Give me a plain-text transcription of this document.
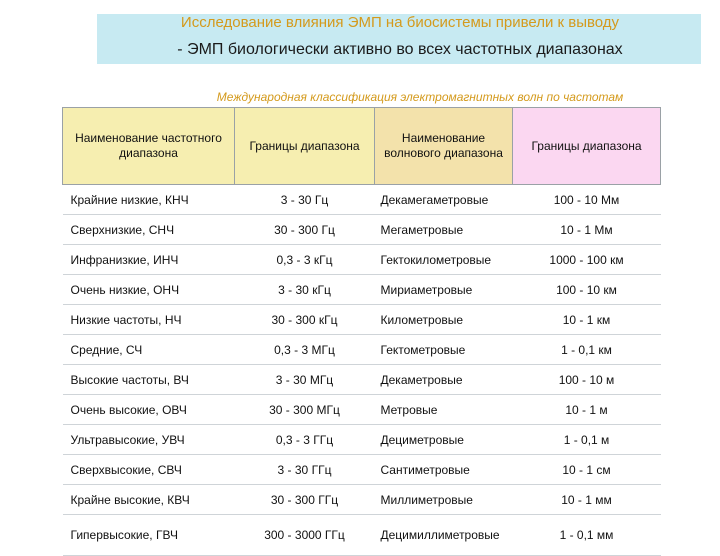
Исследование влияния ЭМП на биосистемы привели к выводу
- ЭМП биологически активно во всех частотных диапазонах
Международная классификация электромагнитных волн по частотам
Наименование частотного диапазона	Границы диапазона	Наименование волнового диапазона	Границы диапазона
Крайние низкие, КНЧ	3 - 30 Гц	Декамегаметровые	100 - 10 Мм
Сверхнизкие, СНЧ	30 - 300 Гц	Мегаметровые	10 - 1 Мм
Инфранизкие, ИНЧ	0,3 - 3 кГц	Гектокилометровые	1000 - 100 км
Очень низкие, ОНЧ	3 - 30 кГц	Мириаметровые	100 - 10 км
Низкие частоты, НЧ	30 - 300 кГц	Километровые	10 - 1 км
Средние, СЧ	0,3 - 3 МГц	Гектометровые	1 - 0,1 км
Высокие частоты, ВЧ	3 - 30 МГц	Декаметровые	100 - 10 м
Очень высокие, ОВЧ	30 - 300 МГц	Метровые	10 - 1 м
Ультравысокие, УВЧ	0,3 - 3 ГГц	Дециметровые	1 - 0,1 м
Сверхвысокие, СВЧ	3 - 30 ГГц	Сантиметровые	10 - 1 см
Крайне высокие, КВЧ	30 - 300 ГГц	Миллиметровые	10 - 1 мм
Гипервысокие, ГВЧ	300 - 3000 ГГц	Децимиллиметровые	1 - 0,1 мм
